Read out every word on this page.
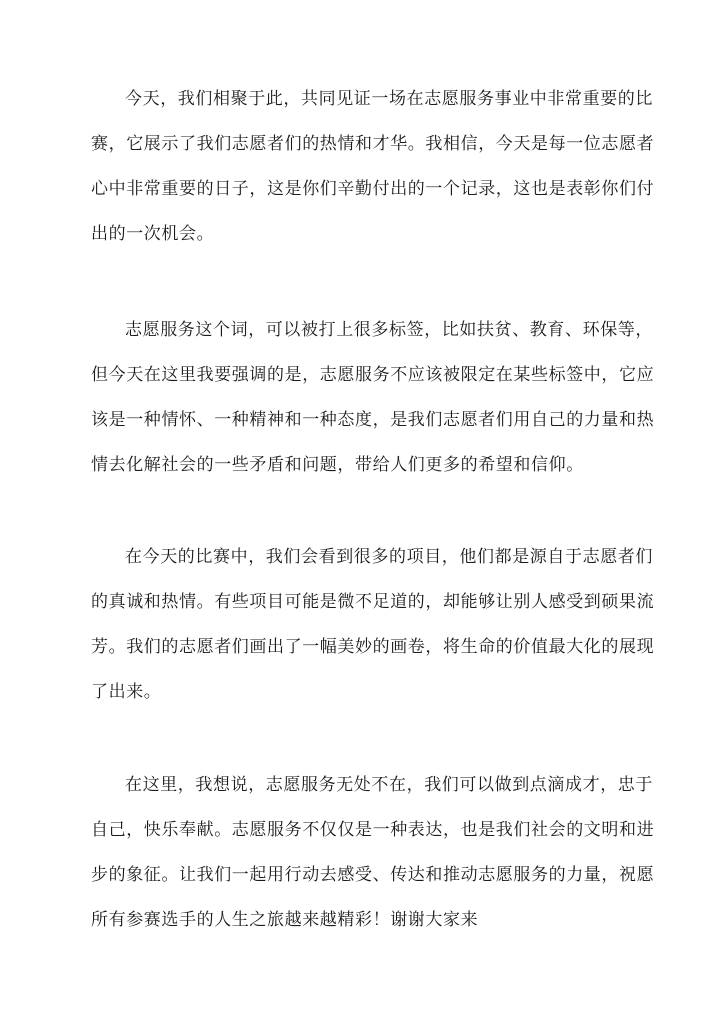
今天，我们相聚于此，共同见证一场在志愿服务事业中非常重要的比
赛，它展示了我们志愿者们的热情和才华。我相信，今天是每一位志愿者
心中非常重要的日子，这是你们辛勤付出的一个记录，这也是表彰你们付
出的一次机会。
志愿服务这个词，可以被打上很多标签，比如扶贫、教育、环保等，
但今天在这里我要强调的是，志愿服务不应该被限定在某些标签中，它应
该是一种情怀、一种精神和一种态度，是我们志愿者们用自己的力量和热
情去化解社会的一些矛盾和问题，带给人们更多的希望和信仰。
在今天的比赛中，我们会看到很多的项目，他们都是源自于志愿者们
的真诚和热情。有些项目可能是微不足道的，却能够让别人感受到硕果流
芳。我们的志愿者们画出了一幅美妙的画卷，将生命的价值最大化的展现
了出来。
在这里，我想说，志愿服务无处不在，我们可以做到点滴成才，忠于
自己，快乐奉献。志愿服务不仅仅是一种表达，也是我们社会的文明和进
步的象征。让我们一起用行动去感受、传达和推动志愿服务的力量，祝愿
所有参赛选手的人生之旅越来越精彩！谢谢大家来
